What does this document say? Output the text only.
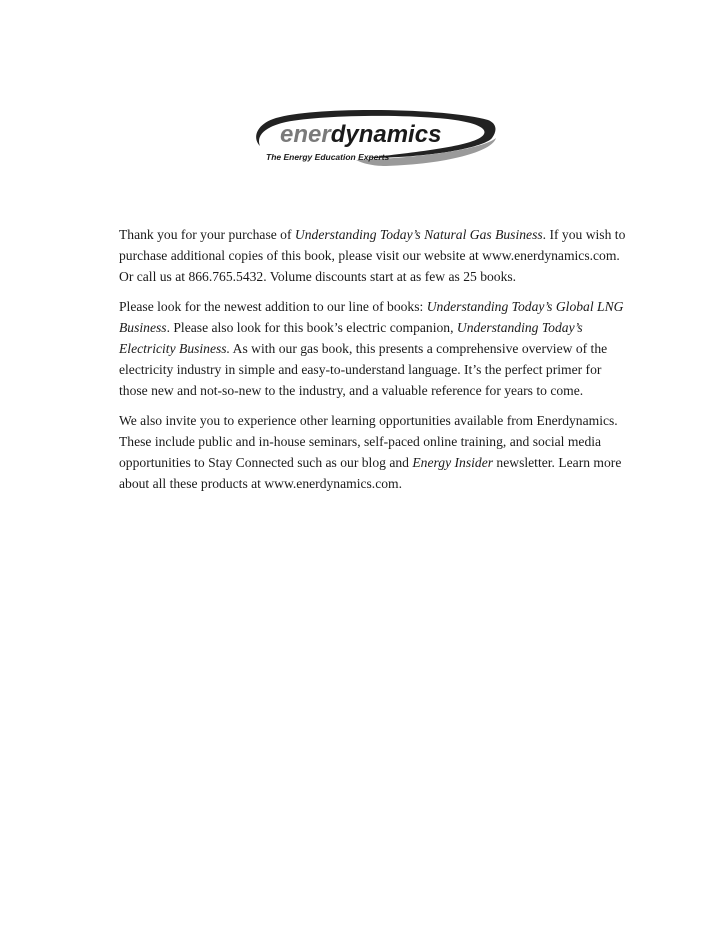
enerdynamics
The Energy Education Experts

Thank you for your purchase of Understanding Today’s Natural Gas Business. If you wish to purchase additional copies of this book, please visit our website at www.enerdynamics.com. Or call us at 866.765.5432. Volume discounts start at as few as 25 books.

Please look for the newest addition to our line of books: Understanding Today’s Global LNG Business. Please also look for this book’s electric companion, Understanding Today’s Electricity Business. As with our gas book, this presents a comprehensive overview of the electricity industry in simple and easy-to-understand language. It’s the perfect primer for those new and not-so-new to the industry, and a valuable reference for years to come.

We also invite you to experience other learning opportunities available from Enerdynamics. These include public and in-house seminars, self-paced online training, and social media opportunities to Stay Connected such as our blog and Energy Insider newsletter. Learn more about all these products at www.enerdynamics.com.
